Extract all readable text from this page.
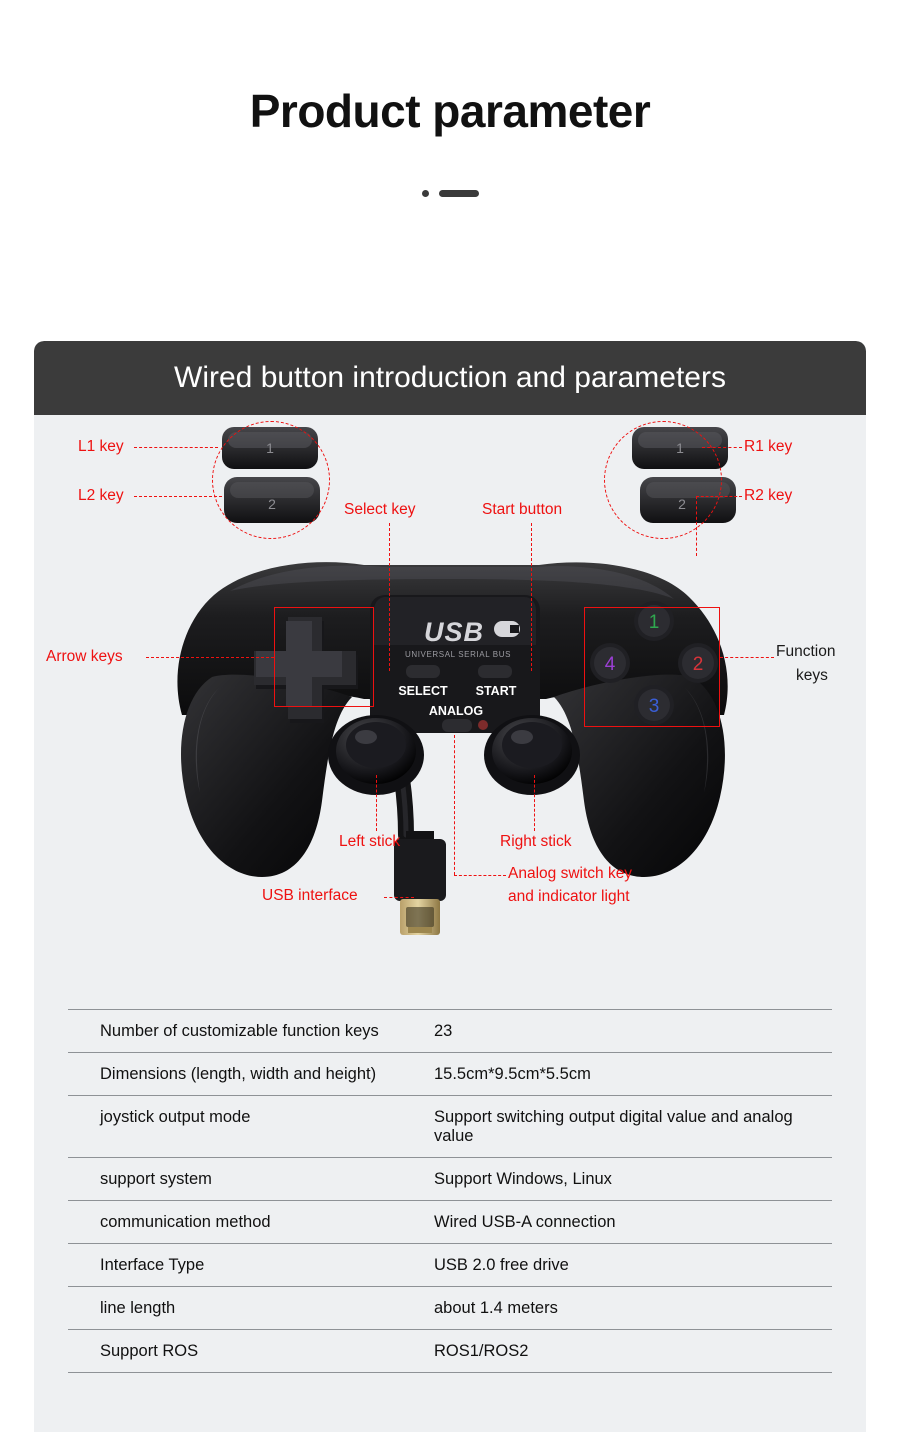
Product parameter
Wired button introduction and parameters
1
2
1
2
USB
UNIVERSAL SERIAL BUS
SELECT START
ANALOG
1
2
3
4
L1 key
L2 key
R1 key
R2 key
Select key	Start button
Arrow keys	Function
keys
Left stick	Right stick
Analog switch key
and indicator light
USB interface
Number of customizable function keys	23
Dimensions (length, width and height)	15.5cm*9.5cm*5.5cm
joystick output mode	Support switching output digital value and analog value
support system	Support Windows, Linux
communication method	Wired USB-A connection
Interface Type	USB 2.0 free drive
line length	about 1.4 meters
Support ROS	ROS1/ROS2
